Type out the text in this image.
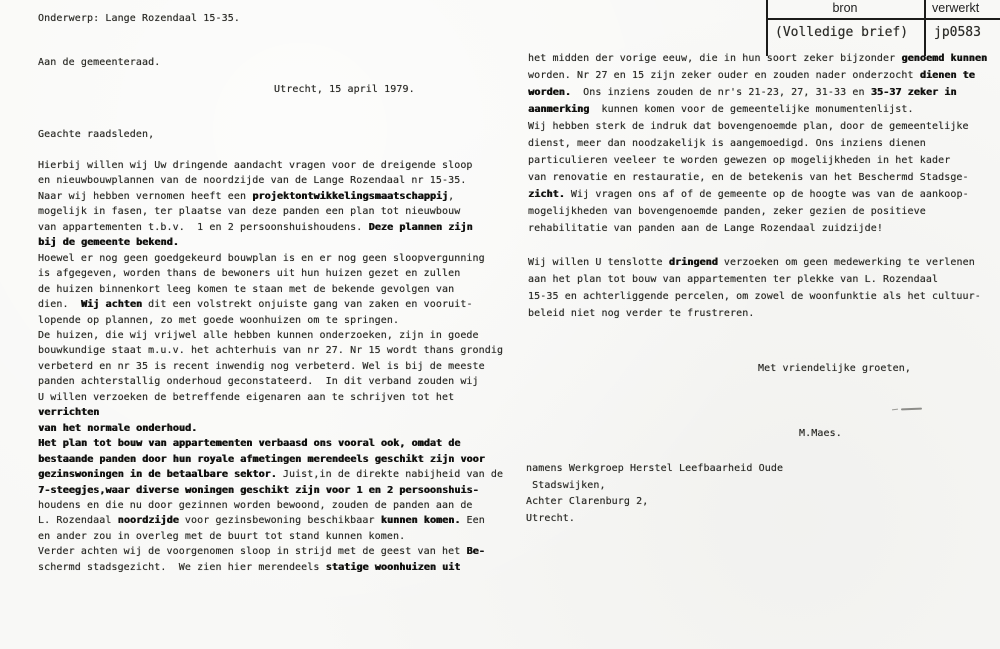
bron	verwerkt
(Volledige brief) jp0583
Onderwerp: Lange Rozendaal 15-35.
Aan de gemeenteraad.
Utrecht, 15 april 1979.
Geachte raadsleden,
Hierbij willen wij Uw dringende aandacht vragen voor de dreigende sloop
en nieuwbouwplannen van de noordzijde van de Lange Rozendaal nr 15-35.
Naar wij hebben vernomen heeft een projektontwikkelingsmaatschappij,
mogelijk in fasen, ter plaatse van deze panden een plan tot nieuwbouw
van appartementen t.b.v.  1 en 2 persoonshuishoudens. Deze plannen zijn
bij de gemeente bekend.
Hoewel er nog geen goedgekeurd bouwplan is en er nog geen sloopvergunning
is afgegeven, worden thans de bewoners uit hun huizen gezet en zullen
de huizen binnenkort leeg komen te staan met de bekende gevolgen van
dien.  Wij achten dit een volstrekt onjuiste gang van zaken en vooruit-
lopende op plannen, zo met goede woonhuizen om te springen.
De huizen, die wij vrijwel alle hebben kunnen onderzoeken, zijn in goede
bouwkundige staat m.u.v. het achterhuis van nr 27. Nr 15 wordt thans grondig
verbeterd en nr 35 is recent inwendig nog verbeterd. Wel is bij de meeste
panden achterstallig onderhoud geconstateerd.  In dit verband zouden wij
U willen verzoeken de betreffende eigenaren aan te schrijven tot het verrichten
van het normale onderhoud.
Het plan tot bouw van appartementen verbaasd ons vooral ook, omdat de
bestaande panden door hun royale afmetingen merendeels geschikt zijn voor
gezinswoningen in de betaalbare sektor. Juist,in de direkte nabijheid van de
7-steegjes,waar diverse woningen geschikt zijn voor 1 en 2 persoonshuis-
houdens en die nu door gezinnen worden bewoond, zouden de panden aan de
L. Rozendaal noordzijde voor gezinsbewoning beschikbaar kunnen komen. Een
en ander zou in overleg met de buurt tot stand kunnen komen.
Verder achten wij de voorgenomen sloop in strijd met de geest van het Be-
schermd stadsgezicht.  We zien hier merendeels statige woonhuizen uit
het midden der vorige eeuw, die in hun soort zeker bijzonder genoemd kunnen
worden. Nr 27 en 15 zijn zeker ouder en zouden nader onderzocht dienen te
worden.  Ons inziens zouden de nr's 21-23, 27, 31-33 en 35-37 zeker in
aanmerking  kunnen komen voor de gemeentelijke monumentenlijst.
Wij hebben sterk de indruk dat bovengenoemde plan, door de gemeentelijke
dienst, meer dan noodzakelijk is aangemoedigd. Ons inziens dienen
particulieren veeleer te worden gewezen op mogelijkheden in het kader
van renovatie en restauratie, en de betekenis van het Beschermd Stadsge-
zicht. Wij vragen ons af of de gemeente op de hoogte was van de aankoop-
mogelijkheden van bovengenoemde panden, zeker gezien de positieve
rehabilitatie van panden aan de Lange Rozendaal zuidzijde!

Wij willen U tenslotte dringend verzoeken om geen medewerking te verlenen
aan het plan tot bouw van appartementen ter plekke van L. Rozendaal
15-35 en achterliggende percelen, om zowel de woonfunktie als het cultuur-
beleid niet nog verder te frustreren.
Met vriendelijke groeten,
M.Maes.
namens Werkgroep Herstel Leefbaarheid Oude
Stadswijken,
Achter Clarenburg 2,
Utrecht.
